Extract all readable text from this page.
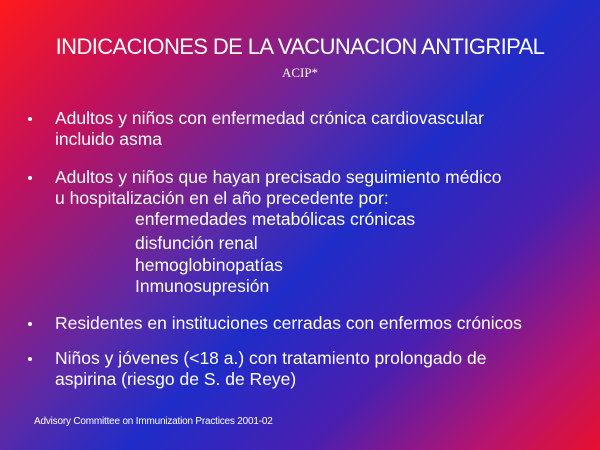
INDICACIONES DE LA VACUNACION ANTIGRIPAL
ACIP*
Adultos y niños con enfermedad crónica cardiovascular
incluido asma
Adultos y niños que hayan precisado seguimiento médico
u hospitalización en el año precedente por:
enfermedades metabólicas crónicas
disfunción renal
hemoglobinopatías
Inmunosupresión
Residentes en instituciones cerradas con enfermos crónicos
Niños y jóvenes (<18 a.) con tratamiento prolongado de
aspirina (riesgo de S. de Reye)
Advisory Committee on Immunization Practices 2001-02
